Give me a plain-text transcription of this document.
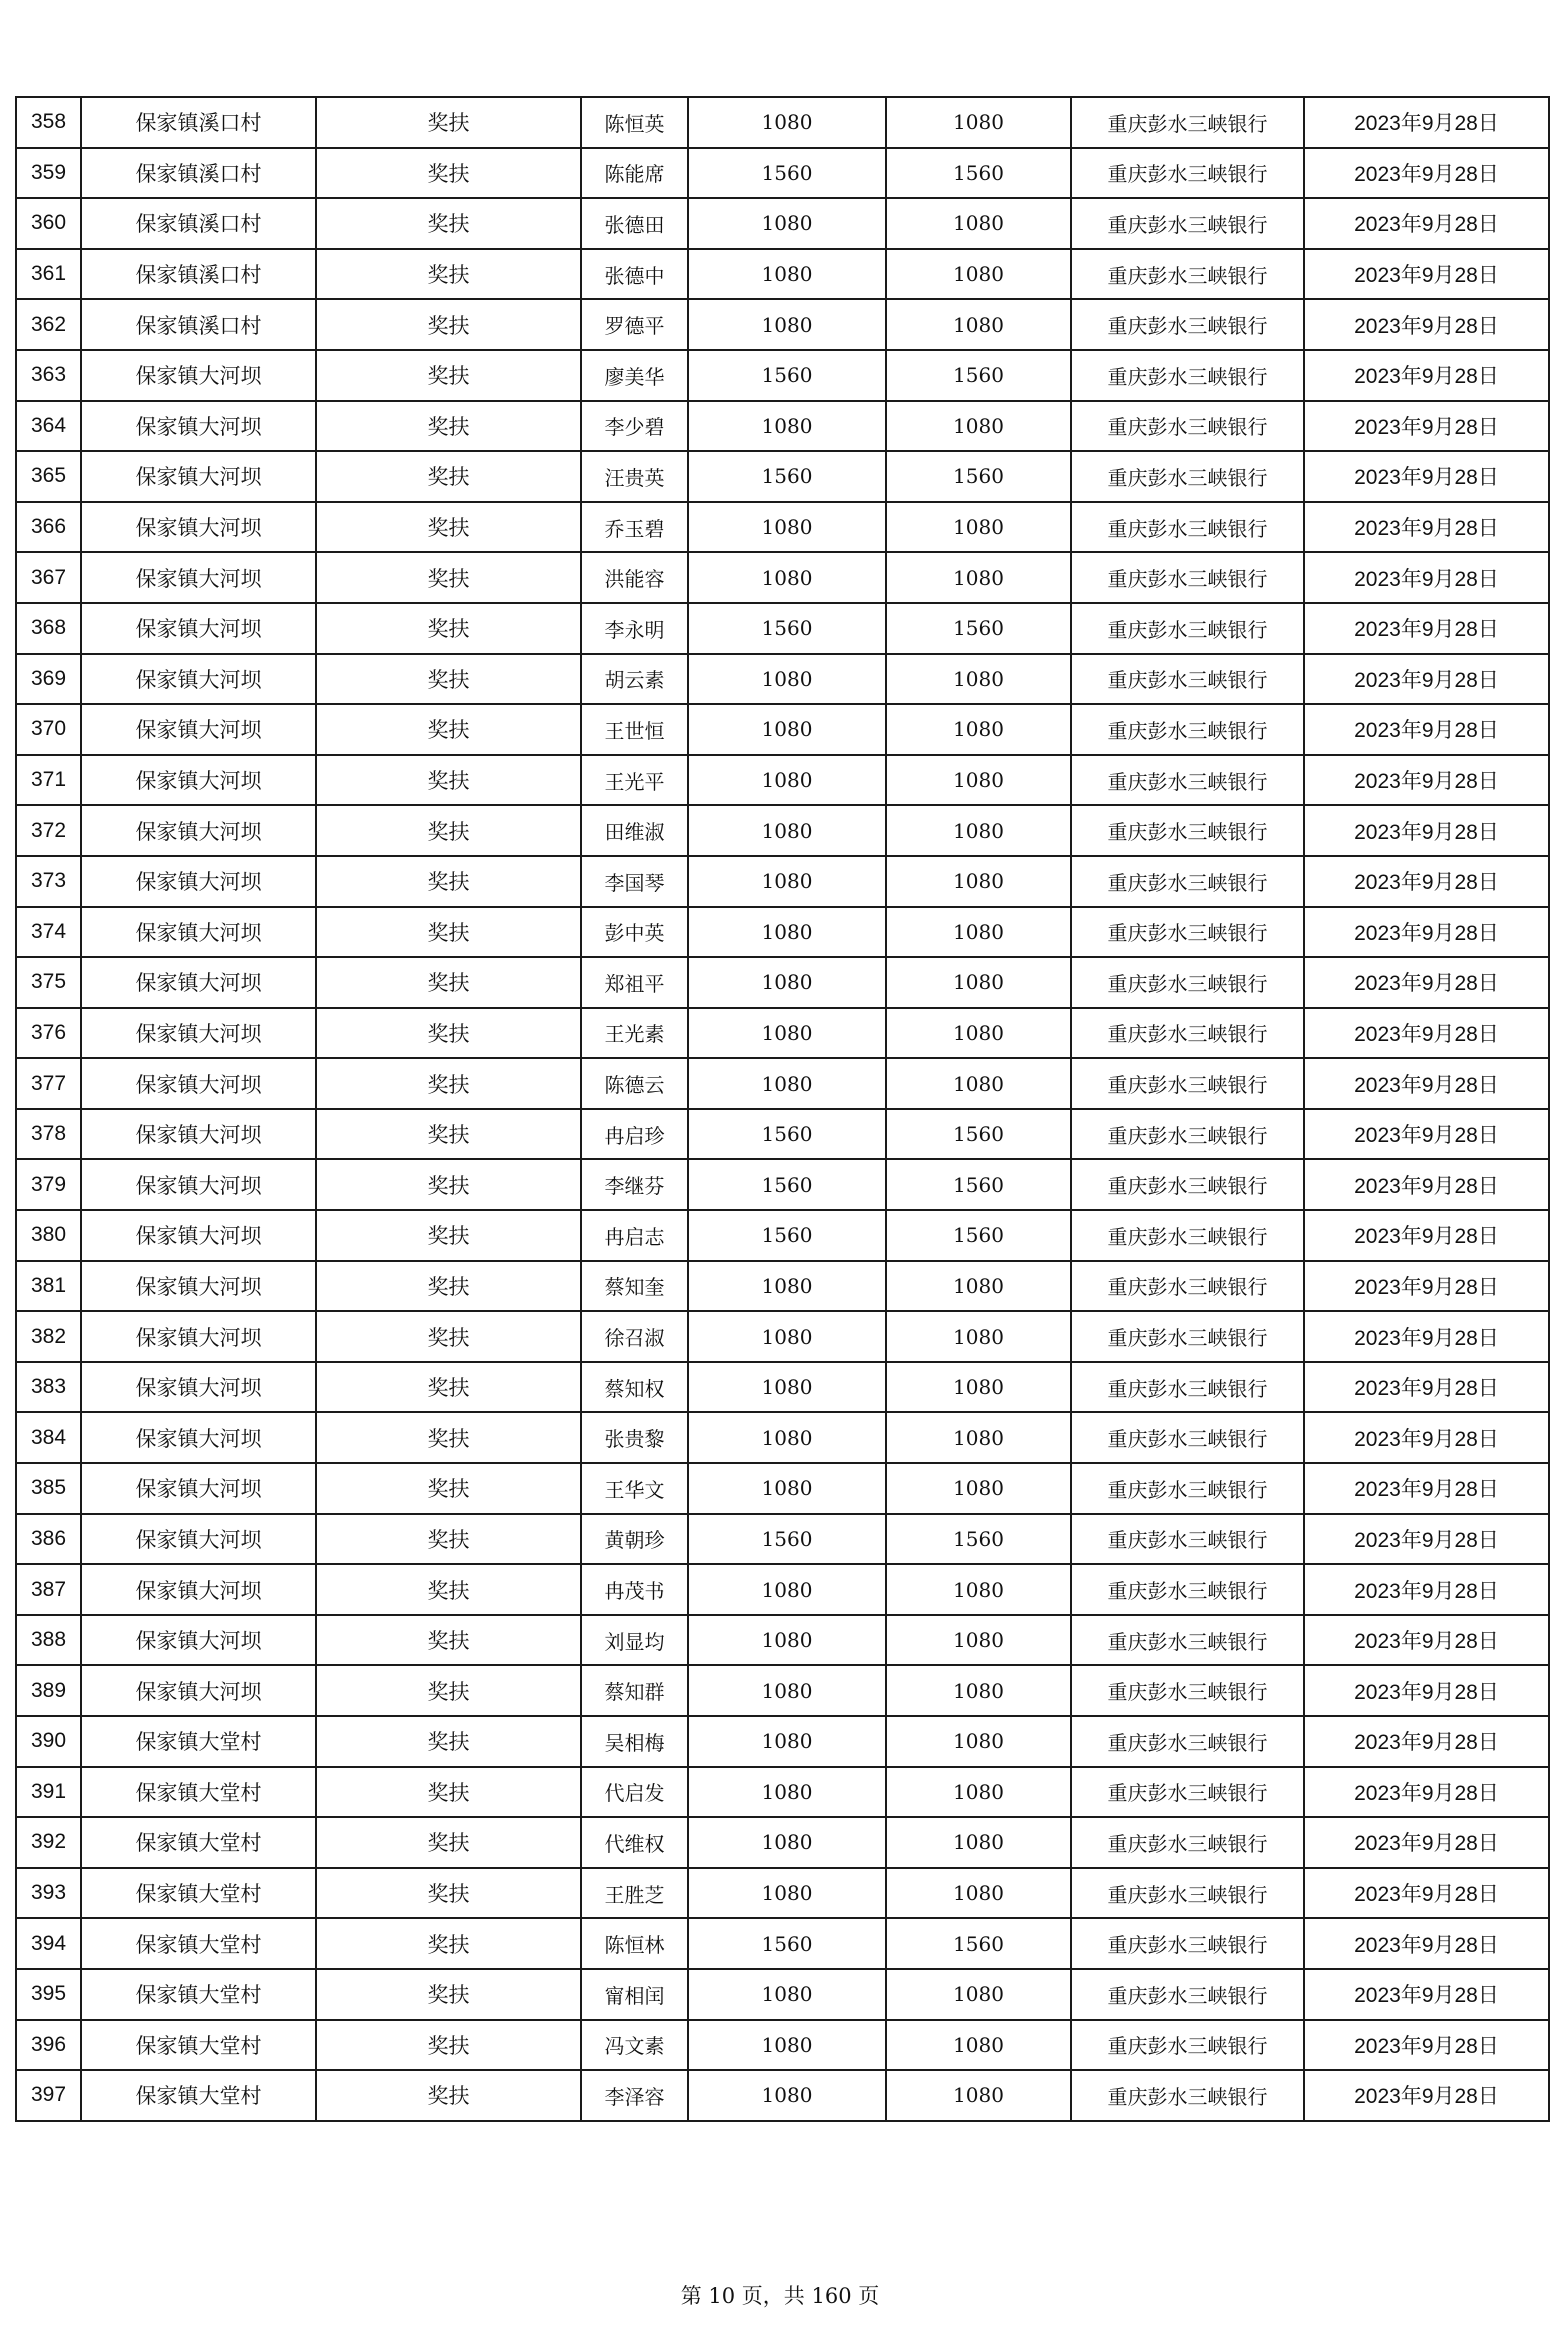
358	保家镇溪口村	奖扶	陈恒英	1080	1080	重庆彭水三峡银行	2023年9月28日
359	保家镇溪口村	奖扶	陈能席	1560	1560	重庆彭水三峡银行	2023年9月28日
360	保家镇溪口村	奖扶	张德田	1080	1080	重庆彭水三峡银行	2023年9月28日
361	保家镇溪口村	奖扶	张德中	1080	1080	重庆彭水三峡银行	2023年9月28日
362	保家镇溪口村	奖扶	罗德平	1080	1080	重庆彭水三峡银行	2023年9月28日
363	保家镇大河坝	奖扶	廖美华	1560	1560	重庆彭水三峡银行	2023年9月28日
364	保家镇大河坝	奖扶	李少碧	1080	1080	重庆彭水三峡银行	2023年9月28日
365	保家镇大河坝	奖扶	汪贵英	1560	1560	重庆彭水三峡银行	2023年9月28日
366	保家镇大河坝	奖扶	乔玉碧	1080	1080	重庆彭水三峡银行	2023年9月28日
367	保家镇大河坝	奖扶	洪能容	1080	1080	重庆彭水三峡银行	2023年9月28日
368	保家镇大河坝	奖扶	李永明	1560	1560	重庆彭水三峡银行	2023年9月28日
369	保家镇大河坝	奖扶	胡云素	1080	1080	重庆彭水三峡银行	2023年9月28日
370	保家镇大河坝	奖扶	王世恒	1080	1080	重庆彭水三峡银行	2023年9月28日
371	保家镇大河坝	奖扶	王光平	1080	1080	重庆彭水三峡银行	2023年9月28日
372	保家镇大河坝	奖扶	田维淑	1080	1080	重庆彭水三峡银行	2023年9月28日
373	保家镇大河坝	奖扶	李国琴	1080	1080	重庆彭水三峡银行	2023年9月28日
374	保家镇大河坝	奖扶	彭中英	1080	1080	重庆彭水三峡银行	2023年9月28日
375	保家镇大河坝	奖扶	郑祖平	1080	1080	重庆彭水三峡银行	2023年9月28日
376	保家镇大河坝	奖扶	王光素	1080	1080	重庆彭水三峡银行	2023年9月28日
377	保家镇大河坝	奖扶	陈德云	1080	1080	重庆彭水三峡银行	2023年9月28日
378	保家镇大河坝	奖扶	冉启珍	1560	1560	重庆彭水三峡银行	2023年9月28日
379	保家镇大河坝	奖扶	李继芬	1560	1560	重庆彭水三峡银行	2023年9月28日
380	保家镇大河坝	奖扶	冉启志	1560	1560	重庆彭水三峡银行	2023年9月28日
381	保家镇大河坝	奖扶	蔡知奎	1080	1080	重庆彭水三峡银行	2023年9月28日
382	保家镇大河坝	奖扶	徐召淑	1080	1080	重庆彭水三峡银行	2023年9月28日
383	保家镇大河坝	奖扶	蔡知权	1080	1080	重庆彭水三峡银行	2023年9月28日
384	保家镇大河坝	奖扶	张贵黎	1080	1080	重庆彭水三峡银行	2023年9月28日
385	保家镇大河坝	奖扶	王华文	1080	1080	重庆彭水三峡银行	2023年9月28日
386	保家镇大河坝	奖扶	黄朝珍	1560	1560	重庆彭水三峡银行	2023年9月28日
387	保家镇大河坝	奖扶	冉茂书	1080	1080	重庆彭水三峡银行	2023年9月28日
388	保家镇大河坝	奖扶	刘显均	1080	1080	重庆彭水三峡银行	2023年9月28日
389	保家镇大河坝	奖扶	蔡知群	1080	1080	重庆彭水三峡银行	2023年9月28日
390	保家镇大堂村	奖扶	吴相梅	1080	1080	重庆彭水三峡银行	2023年9月28日
391	保家镇大堂村	奖扶	代启发	1080	1080	重庆彭水三峡银行	2023年9月28日
392	保家镇大堂村	奖扶	代维权	1080	1080	重庆彭水三峡银行	2023年9月28日
393	保家镇大堂村	奖扶	王胜芝	1080	1080	重庆彭水三峡银行	2023年9月28日
394	保家镇大堂村	奖扶	陈恒林	1560	1560	重庆彭水三峡银行	2023年9月28日
395	保家镇大堂村	奖扶	甯相闰	1080	1080	重庆彭水三峡银行	2023年9月28日
396	保家镇大堂村	奖扶	冯文素	1080	1080	重庆彭水三峡银行	2023年9月28日
397	保家镇大堂村	奖扶	李泽容	1080	1080	重庆彭水三峡银行	2023年9月28日
第 10 页，共 160 页
